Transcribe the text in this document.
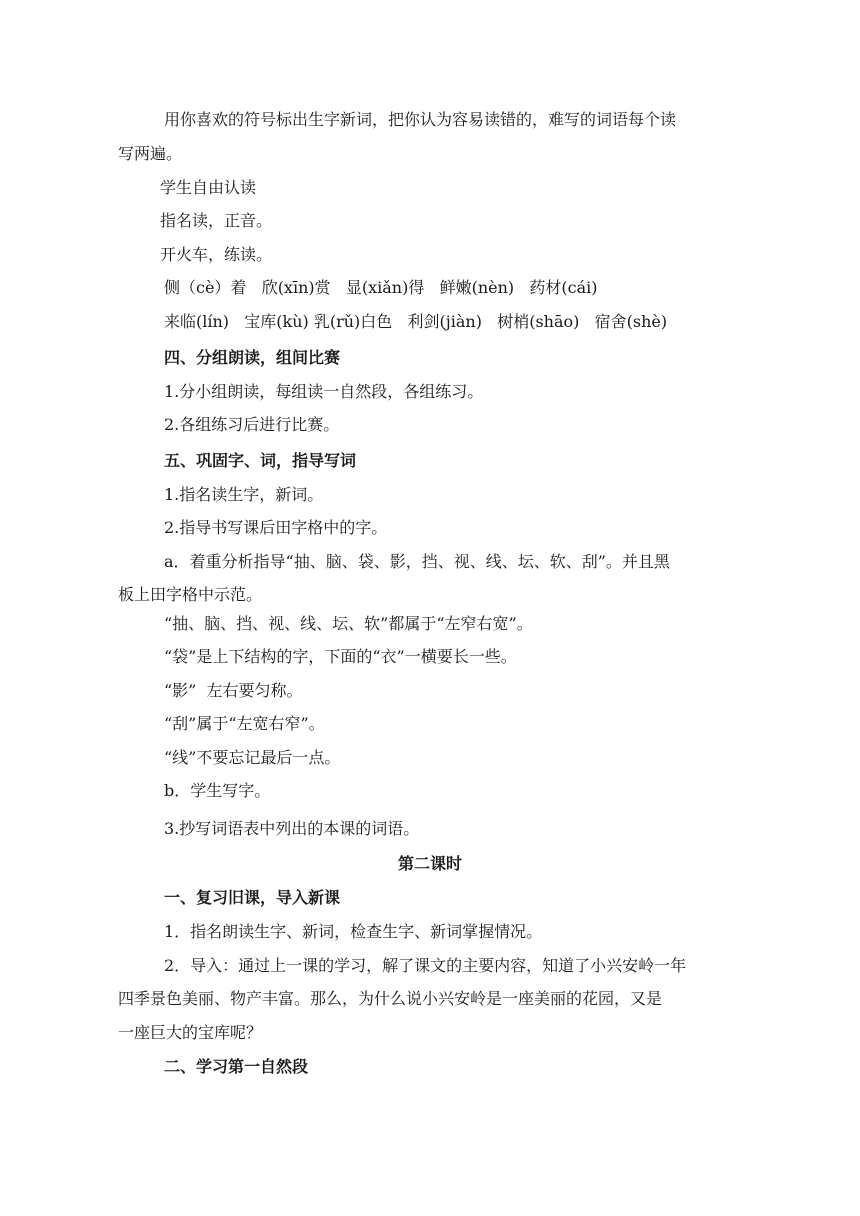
用你喜欢的符号标出生字新词，把你认为容易读错的，难写的词语每个读
写两遍。
学生自由认读
指名读，正音。
开火车，练读。
侧（cè）着   欣(xīn)赏   显(xiǎn)得   鲜嫩(nèn)   药材(cái)
来临(lín)   宝库(kù) 乳(rǔ)白色   利剑(jiàn)   树梢(shāo)   宿舍(shè)
四、分组朗读，组间比赛
1.分小组朗读，每组读一自然段，各组练习。
2.各组练习后进行比赛。
五、巩固字、词，指导写词
1.指名读生字，新词。
2.指导书写课后田字格中的字。
a．着重分析指导“抽、脑、袋、影，挡、视、线、坛、软、刮”。并且黑
板上田字格中示范。
“抽、脑、挡、视、线、坛、软”都属于“左窄右宽”。
“袋”是上下结构的字，下面的“衣”一横要长一些。
“影”  左右要匀称。
“刮”属于“左宽右窄”。
“线”不要忘记最后一点。
b．学生写字。
3.抄写词语表中列出的本课的词语。
第二课时
一、复习旧课，导入新课
1．指名朗读生字、新词，检查生字、新词掌握情况。
2．导入：通过上一课的学习，解了课文的主要内容，知道了小兴安岭一年
四季景色美丽、物产丰富。那么，为什么说小兴安岭是一座美丽的花园，又是
一座巨大的宝库呢？
二、学习第一自然段
